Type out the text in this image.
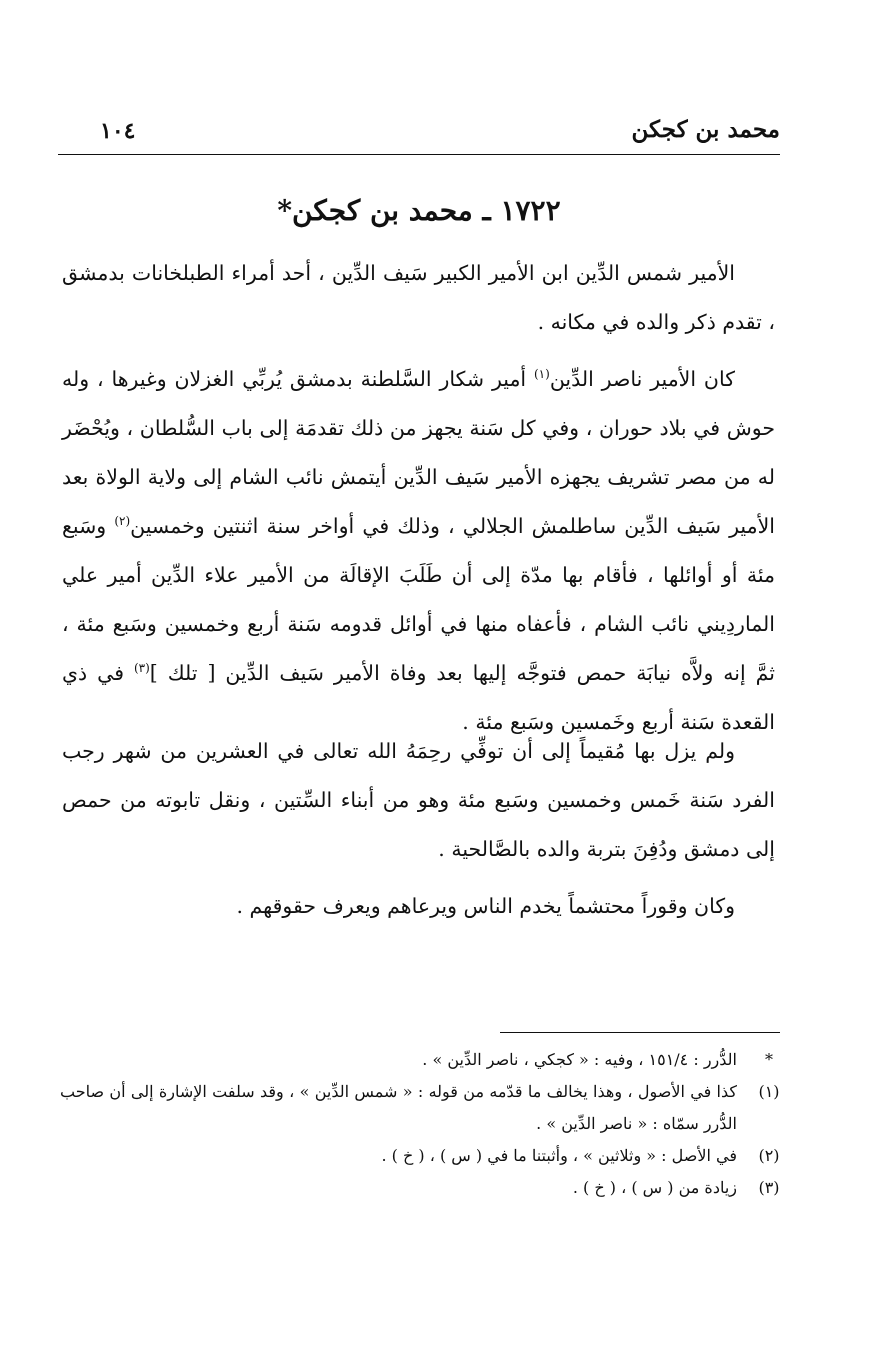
محمد بن كجكن
١٠٤
١٧٢٢ ـ محمد بن كجكن*

الأمير شمس الدِّين ابن الأمير الكبير سَيف الدِّين ، أحد أمراء الطبلخانات بدمشق ، تقدم ذكر والده في مكانه .

كان الأمير ناصر الدِّين$^{(١)}$ أمير شكار السَّلطنة بدمشق يُربِّي الغزلان وغيرها ، وله حوش في بلاد حوران ، وفي كل سَنة يجهز من ذلك تقدمَة إلى باب السُّلطان ، ويُحْضَر له من مصر تشريف يجهزه الأمير سَيف الدِّين أيتمش نائب الشام إلى ولاية الولاة بعد الأمير سَيف الدِّين ساطلمش الجلالي ، وذلك في أواخر سنة اثنتين وخمسين$^{(٢)}$ وسَبع مئة أو أوائلها ، فأقام بها مدّة إلى أن طَلَبَ الإقالَة من الأمير علاء الدِّين أمير علي الماردِيني نائب الشام ، فأعفاه منها في أوائل قدومه سَنة أربع وخمسين وسَبع مئة ، ثمَّ إنه ولاَّه نيابَة حمص فتوجَّه إليها بعد وفاة الأمير سَيف الدِّين [ تلك ]$^{(٣)}$ في ذي القعدة سَنة أربع وخَمسين وسَبع مئة .

ولم يزل بها مُقيماً إلى أن توفِّي رحِمَهُ الله تعالى في العشرين من شهر رجب الفرد سَنة خَمس وخمسين وسَبع مئة وهو من أبناء السِّتين ، ونقل تابوته من حمص إلى دمشق ودُفِنَ بتربة والده بالصَّالحية .

وكان وقوراً محتشماً يخدم الناس ويرعاهم ويعرف حقوقهم .

*
الدُّرر : ١٥١/٤ ، وفيه : « كجكي ، ناصر الدِّين » .
(١)
كذا في الأصول ، وهذا يخالف ما قدّمه من قوله : « شمس الدِّين » ، وقد سلفت الإشارة إلى أن صاحب الدُّرر سمّاه : « ناصر الدِّين » .
(٢)
في الأصل : « وثلاثين » ، وأثبتنا ما في ( س ) ، ( خ ) .
(٣)
زيادة من ( س ) ، ( خ ) .
